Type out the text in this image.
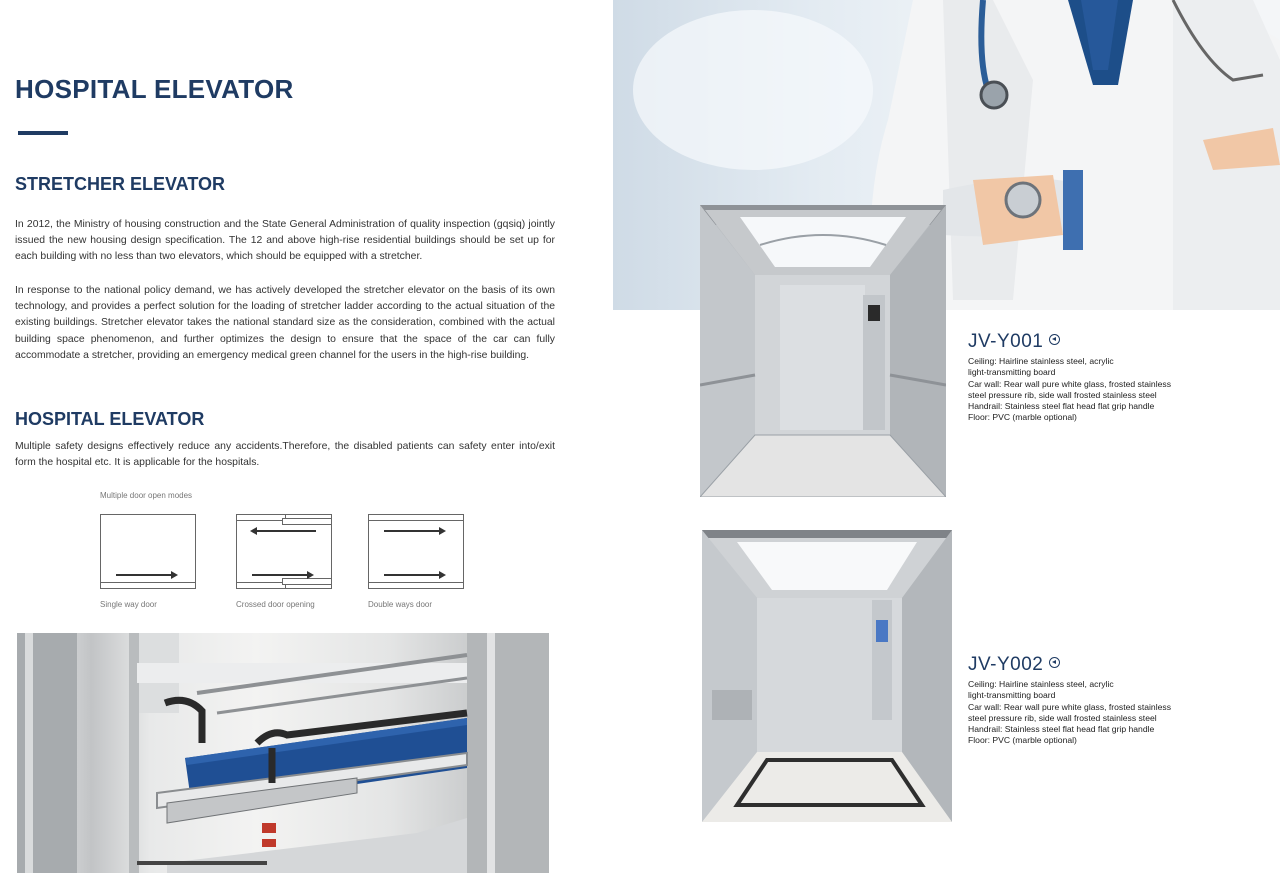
HOSPITAL ELEVATOR
STRETCHER ELEVATOR
In 2012, the Ministry of housing construction and the State General Administration of quality inspection (gqsiq) jointly issued the new housing design specification. The 12 and above high-rise residential buildings should be set up for each building with no less than two elevators, which should be equipped with a stretcher.
In response to the national policy demand, we has actively developed the stretcher elevator on the basis of its own technology, and provides a perfect solution for the loading of stretcher ladder according to the actual situation of the existing buildings. Stretcher elevator takes the national standard size as the consideration, combined with the actual building space phenomenon, and further optimizes the design to ensure that the space of the car can fully accommodate a stretcher, providing an emergency medical green channel for the users in the high-rise building.
HOSPITAL ELEVATOR
Multiple safety designs effectively reduce any accidents.Therefore, the disabled patients can safety enter into/exit form the hospital etc. It is applicable for the hospitals.
Multiple door open modes
Single way door	Crossed door opening	Double ways door
JV-Y001
Ceiling: Hairline stainless steel, acrylic
light-transmitting board
Car wall: Rear wall pure white glass, frosted stainless
steel pressure rib, side wall frosted stainless steel
Handrail: Stainless steel flat head flat grip handle
Floor: PVC (marble optional)
JV-Y002
Ceiling: Hairline stainless steel, acrylic
light-transmitting board
Car wall: Rear wall pure white glass, frosted stainless
steel pressure rib, side wall frosted stainless steel
Handrail: Stainless steel flat head flat grip handle
Floor: PVC (marble optional)
